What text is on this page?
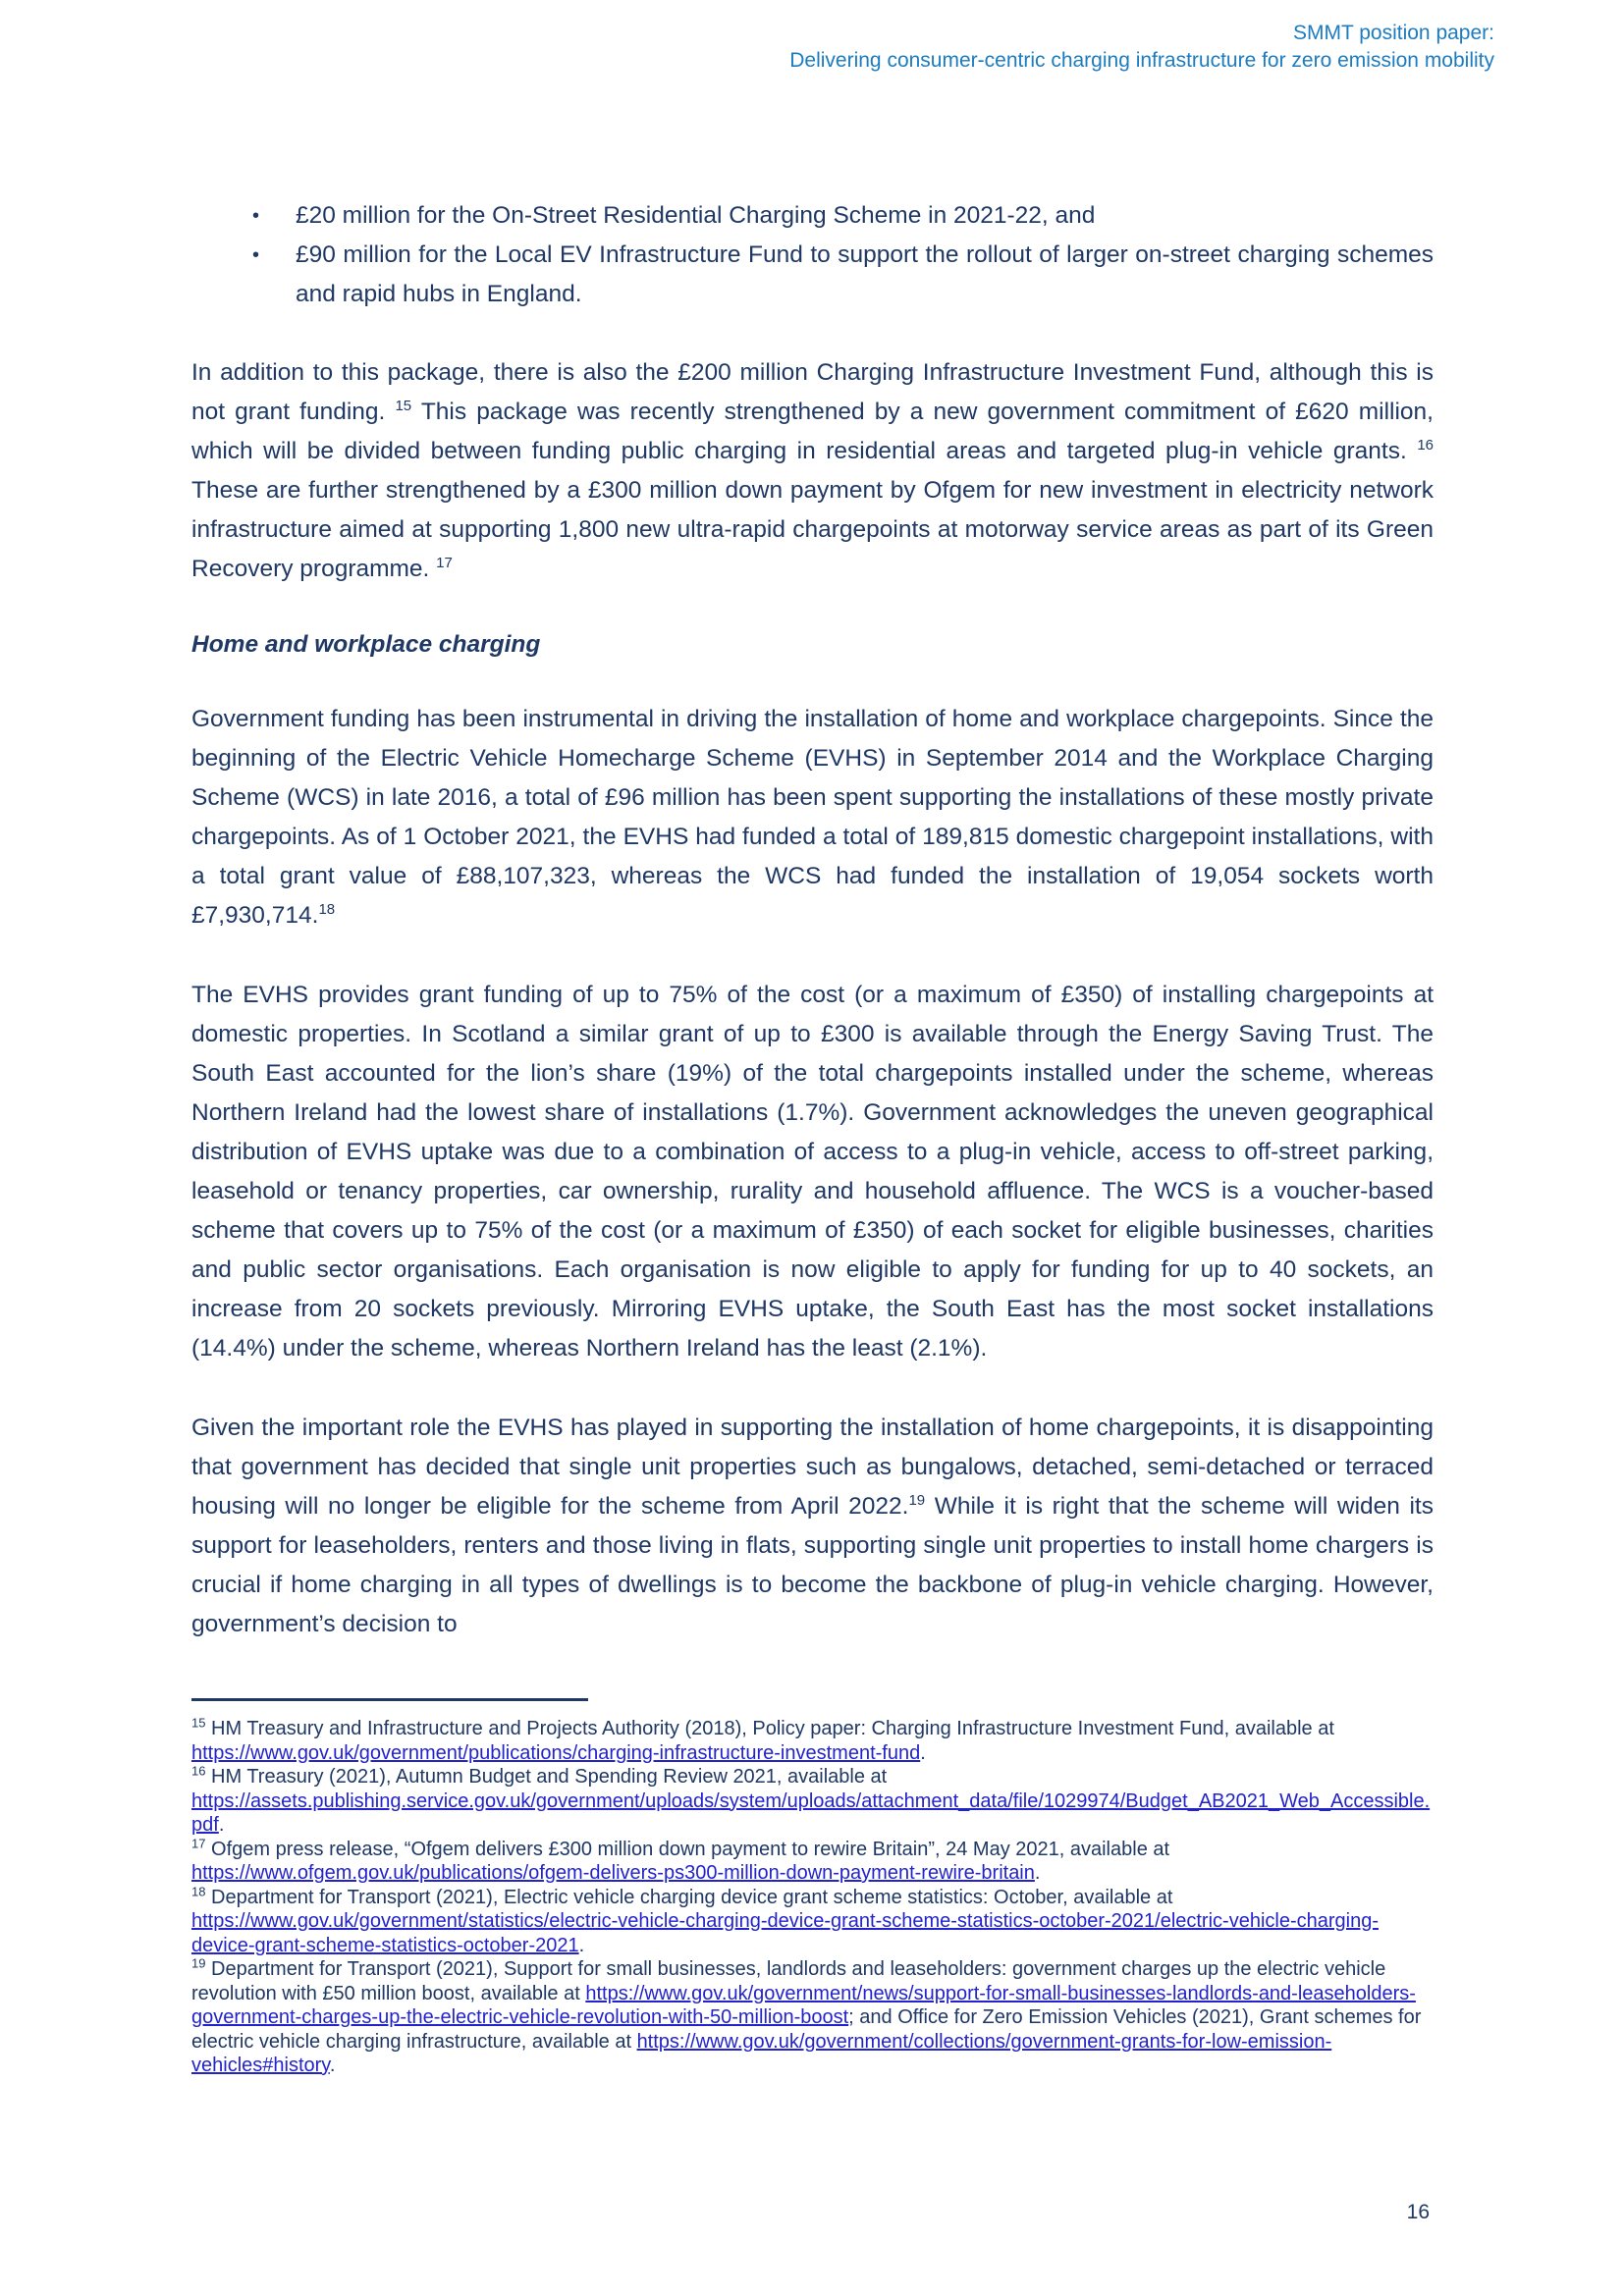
SMMT position paper:
Delivering consumer-centric charging infrastructure for zero emission mobility
•	£20 million for the On-Street Residential Charging Scheme in 2021-22, and
•	£90 million for the Local EV Infrastructure Fund to support the rollout of larger on-street charging schemes and rapid hubs in England.

In addition to this package, there is also the £200 million Charging Infrastructure Investment Fund, although this is not grant funding. $^{15}$ This package was recently strengthened by a new government commitment of £620 million, which will be divided between funding public charging in residential areas and targeted plug-in vehicle grants. $^{16}$ These are further strengthened by a £300 million down payment by Ofgem for new investment in electricity network infrastructure aimed at supporting 1,800 new ultra-rapid chargepoints at motorway service areas as part of its Green Recovery programme. $^{17}$

Home and workplace charging

Government funding has been instrumental in driving the installation of home and workplace chargepoints. Since the beginning of the Electric Vehicle Homecharge Scheme (EVHS) in September 2014 and the Workplace Charging Scheme (WCS) in late 2016, a total of £96 million has been spent supporting the installations of these mostly private chargepoints. As of 1 October 2021, the EVHS had funded a total of 189,815 domestic chargepoint installations, with a total grant value of £88,107,323, whereas the WCS had funded the installation of 19,054 sockets worth £7,930,714.18

The EVHS provides grant funding of up to 75% of the cost (or a maximum of £350) of installing chargepoints at domestic properties. In Scotland a similar grant of up to £300 is available through the Energy Saving Trust. The South East accounted for the lion’s share (19%) of the total chargepoints installed under the scheme, whereas Northern Ireland had the lowest share of installations (1.7%). Government acknowledges the uneven geographical distribution of EVHS uptake was due to a combination of access to a plug-in vehicle, access to off-street parking, leasehold or tenancy properties, car ownership, rurality and household affluence. The WCS is a voucher-based scheme that covers up to 75% of the cost (or a maximum of £350) of each socket for eligible businesses, charities and public sector organisations. Each organisation is now eligible to apply for funding for up to 40 sockets, an increase from 20 sockets previously. Mirroring EVHS uptake, the South East has the most socket installations (14.4%) under the scheme, whereas Northern Ireland has the least (2.1%).

Given the important role the EVHS has played in supporting the installation of home chargepoints, it is disappointing that government has decided that single unit properties such as bungalows, detached, semi-detached or terraced housing will no longer be eligible for the scheme from April 2022.19 While it is right that the scheme will widen its support for leaseholders, renters and those living in flats, supporting single unit properties to install home chargers is crucial if home charging in all types of dwellings is to become the backbone of plug-in vehicle charging. However, government’s decision to

$^{15}$ HM Treasury and Infrastructure and Projects Authority (2018), Policy paper: Charging Infrastructure Investment Fund, available at https://www.gov.uk/government/publications/charging-infrastructure-investment-fund.
$^{16}$ HM Treasury (2021), Autumn Budget and Spending Review 2021, available at https://assets.publishing.service.gov.uk/government/uploads/system/uploads/attachment_data/file/1029974/Budget_AB2021_Web_Accessible.pdf.
$^{17}$ Ofgem press release, “Ofgem delivers £300 million down payment to rewire Britain”, 24 May 2021, available at https://www.ofgem.gov.uk/publications/ofgem-delivers-ps300-million-down-payment-rewire-britain.
$^{18}$ Department for Transport (2021), Electric vehicle charging device grant scheme statistics: October, available at https://www.gov.uk/government/statistics/electric-vehicle-charging-device-grant-scheme-statistics-october-2021/electric-vehicle-charging-device-grant-scheme-statistics-october-2021.
$^{19}$ Department for Transport (2021), Support for small businesses, landlords and leaseholders: government charges up the electric vehicle revolution with £50 million boost, available at https://www.gov.uk/government/news/support-for-small-businesses-landlords-and-leaseholders-government-charges-up-the-electric-vehicle-revolution-with-50-million-boost; and Office for Zero Emission Vehicles (2021), Grant schemes for electric vehicle charging infrastructure, available at https://www.gov.uk/government/collections/government-grants-for-low-emission-vehicles#history.
16
